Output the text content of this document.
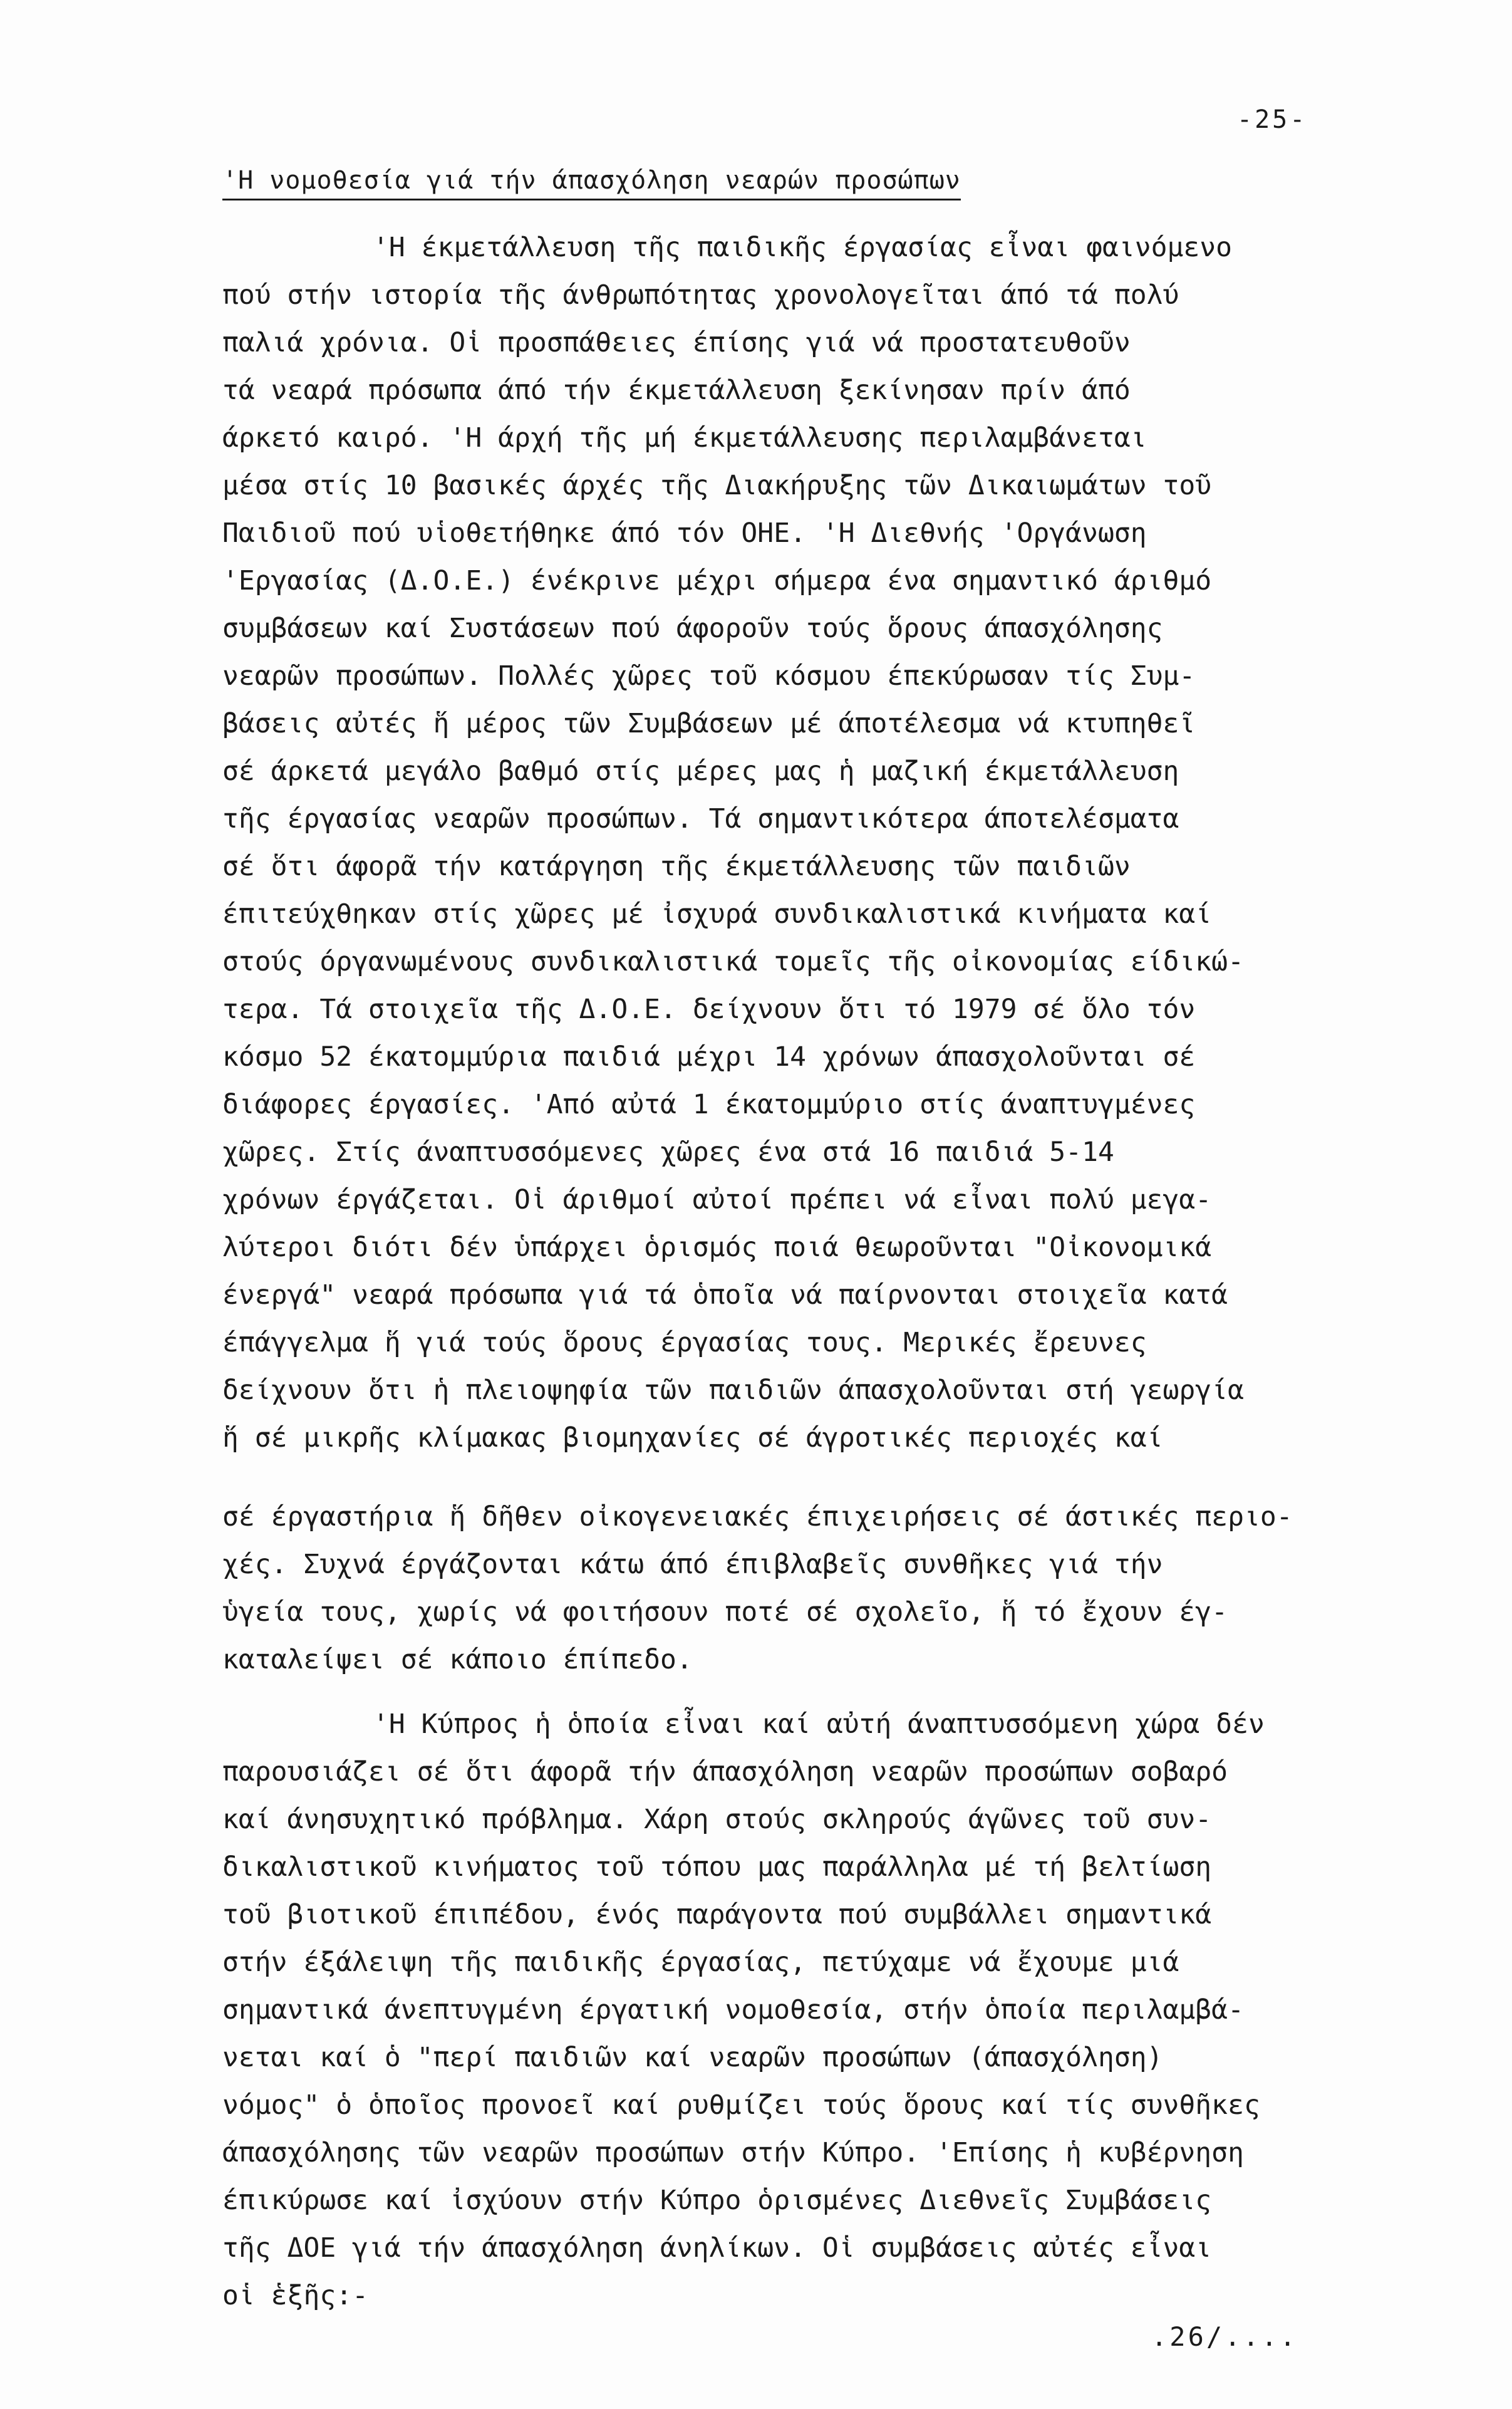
-25-
'Η νομοθεσία γιά τήν άπασχόληση νεαρών προσώπων
'Η έκμετάλλευση τῆς παιδικῆς έργασίας εἶναι φαινόμενο
πού στήν ιστορία τῆς άνθρωπότητας χρονολογεῖται άπό τά πολύ
παλιά χρόνια. Οἱ προσπάθειες έπίσης γιά νά προστατευθοῦν
τά νεαρά πρόσωπα άπό τήν έκμετάλλευση ξεκίνησαν πρίν άπό
άρκετό καιρό. 'Η άρχή τῆς μή έκμετάλλευσης περιλαμβάνεται
μέσα στίς 10 βασικές άρχές τῆς Διακήρυξης τῶν Δικαιωμάτων τοῦ
Παιδιοῦ πού υἱοθετήθηκε άπό τόν ΟΗΕ. 'Η Διεθνής 'Οργάνωση
'Εργασίας (Δ.Ο.Ε.) ένέκρινε μέχρι σήμερα ένα σημαντικό άριθμό
συμβάσεων καί Συστάσεων πού άφοροῦν τούς ὅρους άπασχόλησης
νεαρῶν προσώπων. Πολλές χῶρες τοῦ κόσμου έπεκύρωσαν τίς Συμ-
βάσεις αὐτές ἥ μέρος τῶν Συμβάσεων μέ άποτέλεσμα νά κτυπηθεῖ
σέ άρκετά μεγάλο βαθμό στίς μέρες μας ἡ μαζική έκμετάλλευση
τῆς έργασίας νεαρῶν προσώπων. Τά σημαντικότερα άποτελέσματα
σέ ὅτι άφορᾶ τήν κατάργηση τῆς έκμετάλλευσης τῶν παιδιῶν
έπιτεύχθηκαν στίς χῶρες μέ ἰσχυρά συνδικαλιστικά κινήματα καί
στούς όργανωμένους συνδικαλιστικά τομεῖς τῆς οἰκονομίας είδικώ-
τερα. Τά στοιχεῖα τῆς Δ.Ο.Ε. δείχνουν ὅτι τό 1979 σέ ὅλο τόν
κόσμο 52 έκατομμύρια παιδιά μέχρι 14 χρόνων άπασχολοῦνται σέ
διάφορες έργασίες. 'Από αὐτά 1 έκατομμύριο στίς άναπτυγμένες
χῶρες. Στίς άναπτυσσόμενες χῶρες ένα στά 16 παιδιά 5-14
χρόνων έργάζεται. Οἱ άριθμοί αὐτοί πρέπει νά εἶναι πολύ μεγα-
λύτεροι διότι δέν ὑπάρχει ὁρισμός ποιά θεωροῦνται "Οἰκονομικά
ένεργά" νεαρά πρόσωπα γιά τά ὁποῖα νά παίρνονται στοιχεῖα κατά
έπάγγελμα ἥ γιά τούς ὅρους έργασίας τους. Μερικές ἔρευνες
δείχνουν ὅτι ἡ πλειοψηφία τῶν παιδιῶν άπασχολοῦνται στή γεωργία
ἥ σέ μικρῆς κλίμακας βιομηχανίες σέ άγροτικές περιοχές καί
σέ έργαστήρια ἥ δῆθεν οἰκογενειακές έπιχειρήσεις σέ άστικές περιο-
χές. Συχνά έργάζονται κάτω άπό έπιβλαβεῖς συνθῆκες γιά τήν
ὑγεία τους, χωρίς νά φοιτήσουν ποτέ σέ σχολεῖο, ἥ τό ἔχουν έγ-
καταλείψει σέ κάποιο έπίπεδο.
'Η Κύπρος ἡ ὁποία εἶναι καί αὐτή άναπτυσσόμενη χώρα δέν
παρουσιάζει σέ ὅτι άφορᾶ τήν άπασχόληση νεαρῶν προσώπων σοβαρό
καί άνησυχητικό πρόβλημα. Χάρη στούς σκληρούς άγῶνες τοῦ συν-
δικαλιστικοῦ κινήματος τοῦ τόπου μας παράλληλα μέ τή βελτίωση
τοῦ βιοτικοῦ έπιπέδου, ένός παράγοντα πού συμβάλλει σημαντικά
στήν έξάλειψη τῆς παιδικῆς έργασίας, πετύχαμε νά ἔχουμε μιά
σημαντικά άνεπτυγμένη έργατική νομοθεσία, στήν ὁποία περιλαμβά-
νεται καί ὁ "περί παιδιῶν καί νεαρῶν προσώπων (άπασχόληση)
νόμος" ὁ ὁποῖος προνοεῖ καί ρυθμίζει τούς ὅρους καί τίς συνθῆκες
άπασχόλησης τῶν νεαρῶν προσώπων στήν Κύπρο. 'Επίσης ἡ κυβέρνηση
έπικύρωσε καί ἰσχύουν στήν Κύπρο ὁρισμένες Διεθνεῖς Συμβάσεις
τῆς ΔΟΕ γιά τήν άπασχόληση άνηλίκων. Οἱ συμβάσεις αὐτές εἶναι
οἱ ἑξῆς:-
.26/....
